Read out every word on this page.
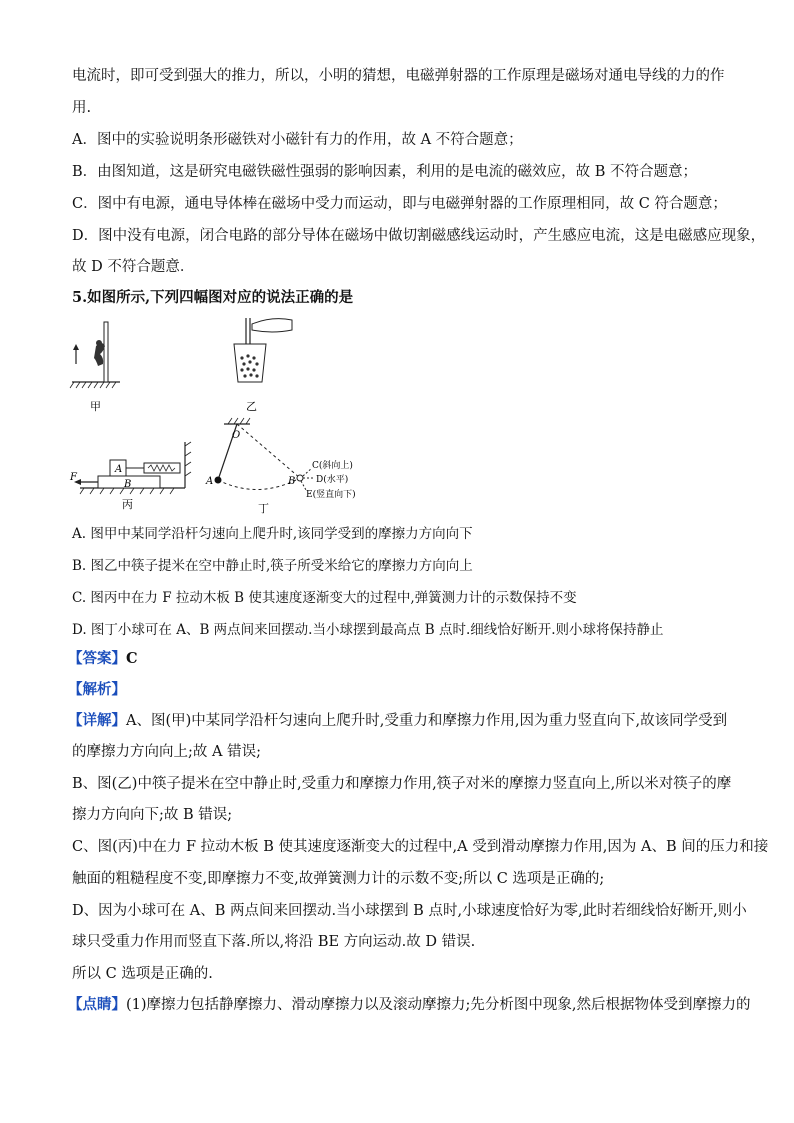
电流时，即可受到强大的推力，所以，小明的猜想，电磁弹射器的工作原理是磁场对通电导线的力的作
用.
A．图中的实验说明条形磁铁对小磁针有力的作用，故 A 不符合题意；
B．由图知道，这是研究电磁铁磁性强弱的影响因素，利用的是电流的磁效应，故 B 不符合题意；
C．图中有电源，通电导体棒在磁场中受力而运动，即与电磁弹射器的工作原理相同，故 C 符合题意；
D．图中没有电源，闭合电路的部分导体在磁场中做切割磁感线运动时，产生感应电流，这是电磁感应现象，
故 D 不符合题意．
5.如图所示,下列四幅图对应的说法正确的是
甲	乙
A
B
F
丙
O
A	B
C(斜向上)
D(水平)
E(竖直向下)
丁
A. 图甲中某同学沿杆匀速向上爬升时,该同学受到的摩擦力方向向下
B. 图乙中筷子提米在空中静止时,筷子所受米给它的摩擦力方向向上
C. 图丙中在力 F 拉动木板 B 使其速度逐渐变大的过程中,弹簧测力计的示数保持不变
D. 图丁小球可在 A、B 两点间来回摆动.当小球摆到最高点 B 点时.细线恰好断开.则小球将保持静止
【答案】C
【解析】
【详解】A、图(甲)中某同学沿杆匀速向上爬升时,受重力和摩擦力作用,因为重力竖直向下,故该同学受到
的摩擦力方向向上;故 A 错误;
B、图(乙)中筷子提米在空中静止时,受重力和摩擦力作用,筷子对米的摩擦力竖直向上,所以米对筷子的摩
擦力方向向下;故 B 错误;
C、图(丙)中在力 F 拉动木板 B 使其速度逐渐变大的过程中,A 受到滑动摩擦力作用,因为 A、B 间的压力和接
触面的粗糙程度不变,即摩擦力不变,故弹簧测力计的示数不变;所以 C 选项是正确的;
D、因为小球可在 A、B 两点间来回摆动.当小球摆到 B 点时,小球速度恰好为零,此时若细线恰好断开,则小
球只受重力作用而竖直下落.所以,将沿 BE 方向运动.故 D 错误.
所以 C 选项是正确的.
【点睛】(1)摩擦力包括静摩擦力、滑动摩擦力以及滚动摩擦力;先分析图中现象,然后根据物体受到摩擦力的
